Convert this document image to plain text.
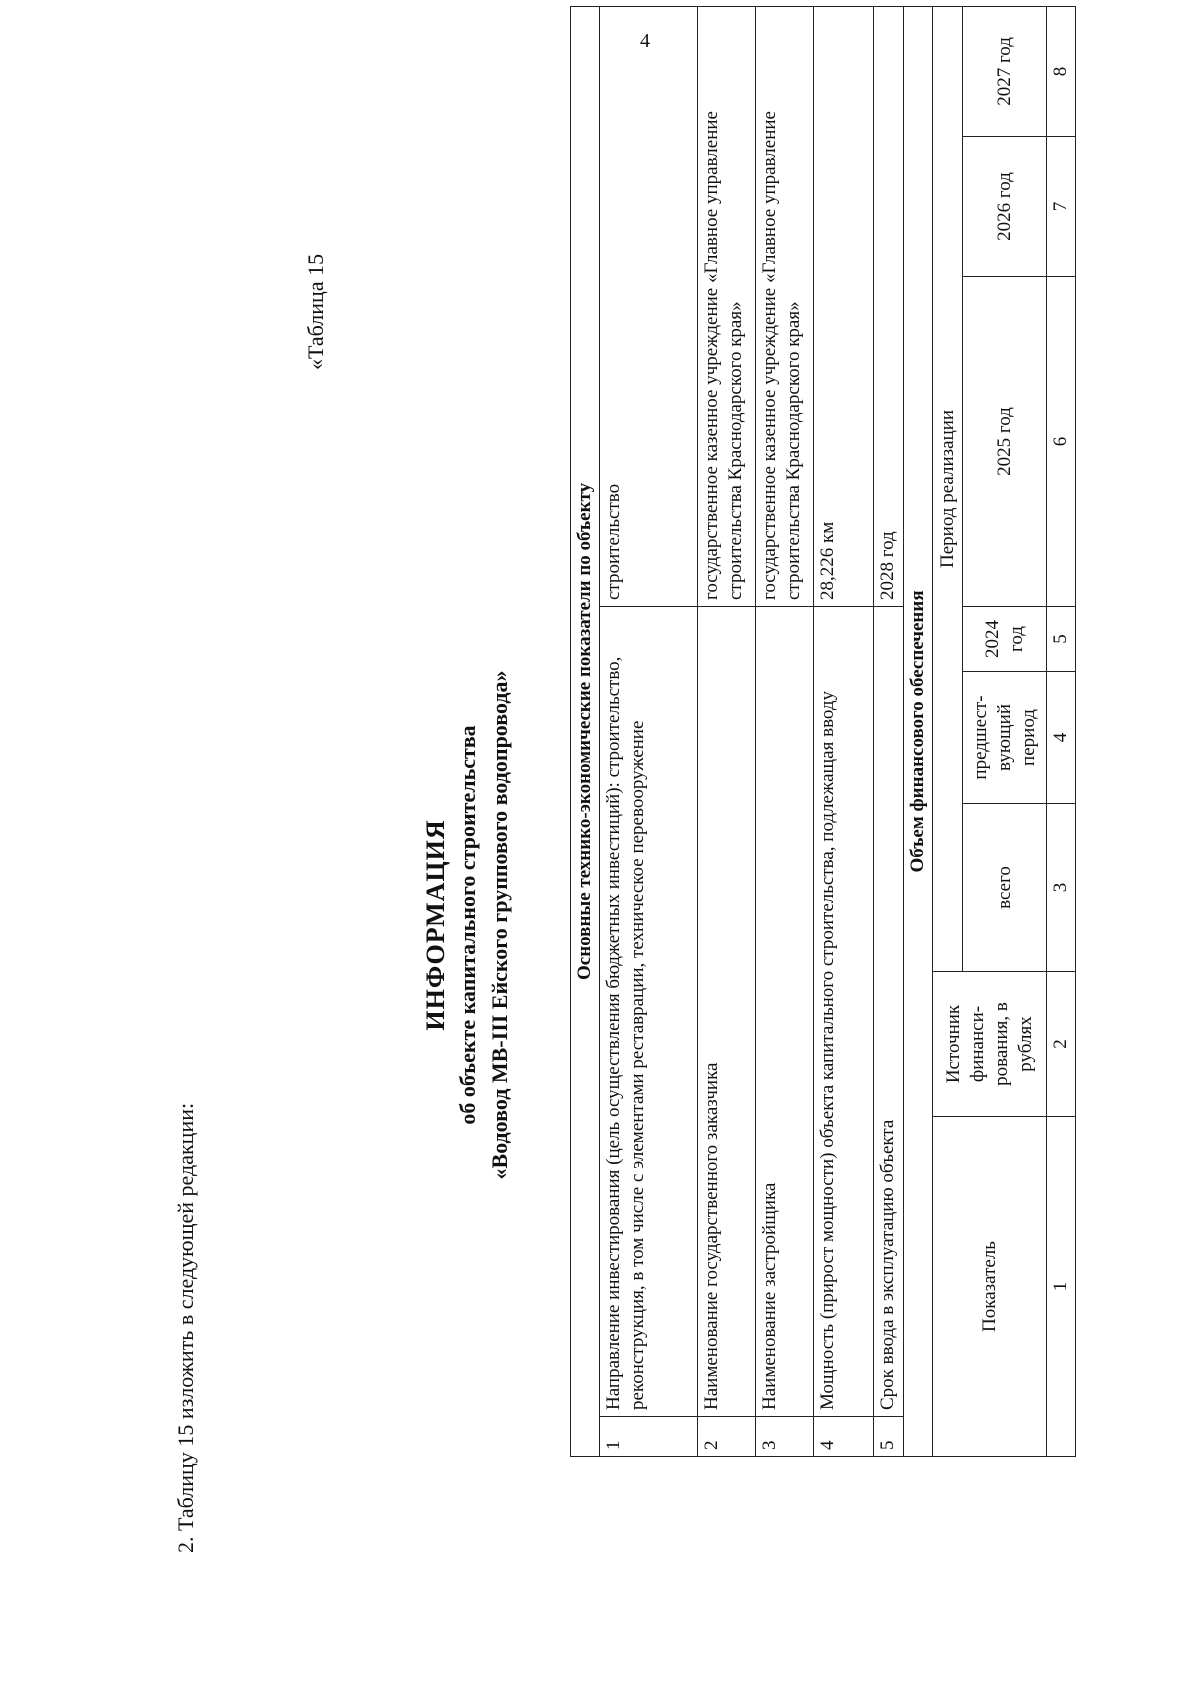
4
2. Таблицу 15 изложить в следующей редакции:
«Таблица 15
ИНФОРМАЦИЯ об объекте капитального строительства «Водовод МВ-III Ейского группового водопровода»	Основные технико-экономические показатели по объекту									
1	Направление инвестирования (цель осуществления бюджетных инвестиций): строительство, реконструкция, в том числе с элементами реставрации, техническое перевооружение					строительство			
2	Наименование государственного заказчика					государственное казенное учреждение «Главное управление строительства Краснодарского края»			
3	Наименование застройщика					государственное казенное учреждение «Главное управление строительства Краснодарского края»			
4	Мощность (прирост мощности) объекта капитального строительства, подлежащая вводу					28,226 км			
5	Срок ввода в эксплуатацию объекта					2028 год			
Объем финансового обеспечения									
Показатель		Источник финанси-рования, в рублях	Период реализации						
			всего	предшест-вующий период	2024 год	2025 год	2026 год	2027 год	
1		2	3	4	5	6	7	8	
